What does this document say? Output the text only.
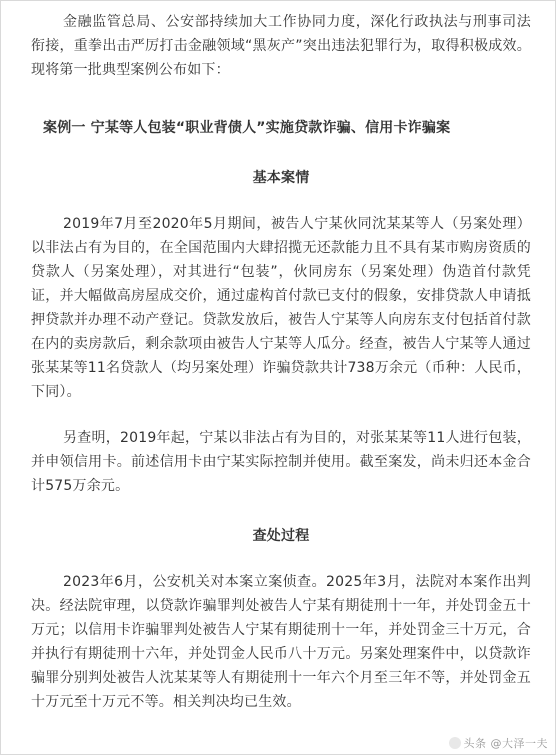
金融监管总局、公安部持续加大工作协同力度，深化行政执法与刑事司法衔接，重拳出击严厉打击金融领域“黑灰产”突出违法犯罪行为，取得积极成效。现将第一批典型案例公布如下：

案例一 宁某等人包装“职业背债人”实施贷款诈骗、信用卡诈骗案

基本案情

2019年7月至2020年5月期间，被告人宁某伙同沈某某等人（另案处理）以非法占有为目的，在全国范围内大肆招揽无还款能力且不具有某市购房资质的贷款人（另案处理），对其进行“包装”，伙同房东（另案处理）伪造首付款凭证，并大幅做高房屋成交价，通过虚构首付款已支付的假象，安排贷款人申请抵押贷款并办理不动产登记。贷款发放后，被告人宁某等人向房东支付包括首付款在内的卖房款后，剩余款项由被告人宁某等人瓜分。经查，被告人宁某等人通过张某某等11名贷款人（均另案处理）诈骗贷款共计738万余元（币种：人民币，下同）。

另查明，2019年起，宁某以非法占有为目的，对张某某等11人进行包装，并申领信用卡。前述信用卡由宁某实际控制并使用。截至案发，尚未归还本金合计575万余元。

查处过程

2023年6月，公安机关对本案立案侦查。2025年3月，法院对本案作出判决。经法院审理，以贷款诈骗罪判处被告人宁某有期徒刑十一年，并处罚金五十万元；以信用卡诈骗罪判处被告人宁某有期徒刑十一年，并处罚金三十万元，合并执行有期徒刑十六年，并处罚金人民币八十万元。另案处理案件中，以贷款诈骗罪分别判处被告人沈某某等人有期徒刑十一年六个月至三年不等，并处罚金五十万元至十万元不等。相关判决均已生效。

头条 @大泽一夫
